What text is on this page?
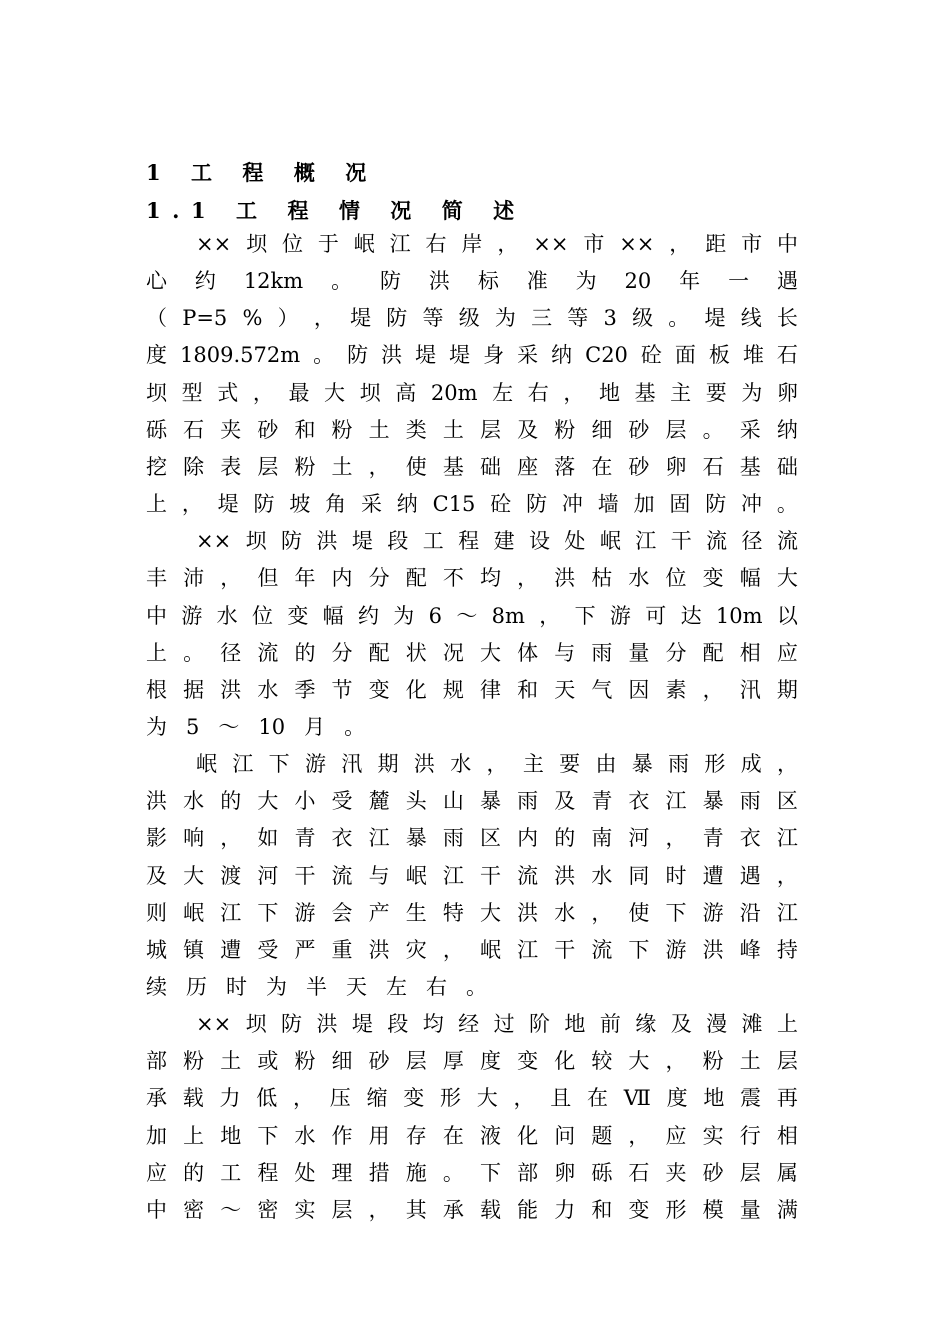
1 工 程 概 况
1.1 工 程 情 况 简 述
×× 坝 位 于 岷 江 右 岸 ， ×× 市 ×× ， 距 市 中
心 约 12km 。 防 洪 标 准 为 20 年 一 遇
（ P=5 % ） ， 堤 防 等 级 为 三 等 3 级 。 堤 线 长
度 1809.572m 。 防 洪 堤 堤 身 采 纳 C20 砼 面 板 堆 石
坝 型 式 ， 最 大 坝 高 20m 左 右 ， 地 基 主 要 为 卵
砾 石 夹 砂 和 粉 土 类 土 层 及 粉 细 砂 层 。 采 纳
挖 除 表 层 粉 土 ， 使 基 础 座 落 在 砂 卵 石 基 础
上 ， 堤 防 坡 角 采 纳 C15 砼 防 冲 墙 加 固 防 冲 。
×× 坝 防 洪 堤 段 工 程 建 设 处 岷 江 干 流 径 流
丰 沛 ， 但 年 内 分 配 不 均 ， 洪 枯 水 位 变 幅 大
中 游 水 位 变 幅 约 为 6 ～ 8m ， 下 游 可 达 10m 以
上 。 径 流 的 分 配 状 况 大 体 与 雨 量 分 配 相 应
根 据 洪 水 季 节 变 化 规 律 和 天 气 因 素 ， 汛 期
为 5 ～ 10 月 。
岷 江 下 游 汛 期 洪 水 ， 主 要 由 暴 雨 形 成 ，
洪 水 的 大 小 受 麓 头 山 暴 雨 及 青 衣 江 暴 雨 区
影 响 ， 如 青 衣 江 暴 雨 区 内 的 南 河 ， 青 衣 江
及 大 渡 河 干 流 与 岷 江 干 流 洪 水 同 时 遭 遇 ，
则 岷 江 下 游 会 产 生 特 大 洪 水 ， 使 下 游 沿 江
城 镇 遭 受 严 重 洪 灾 ， 岷 江 干 流 下 游 洪 峰 持
续 历 时 为 半 天 左 右 。
×× 坝 防 洪 堤 段 均 经 过 阶 地 前 缘 及 漫 滩 上
部 粉 土 或 粉 细 砂 层 厚 度 变 化 较 大 ， 粉 土 层
承 载 力 低 ， 压 缩 变 形 大 ， 且 在 Ⅶ 度 地 震 再
加 上 地 下 水 作 用 存 在 液 化 问 题 ， 应 实 行 相
应 的 工 程 处 理 措 施 。 下 部 卵 砾 石 夹 砂 层 属
中 密 ～ 密 实 层 ， 其 承 载 能 力 和 变 形 模 量 满
